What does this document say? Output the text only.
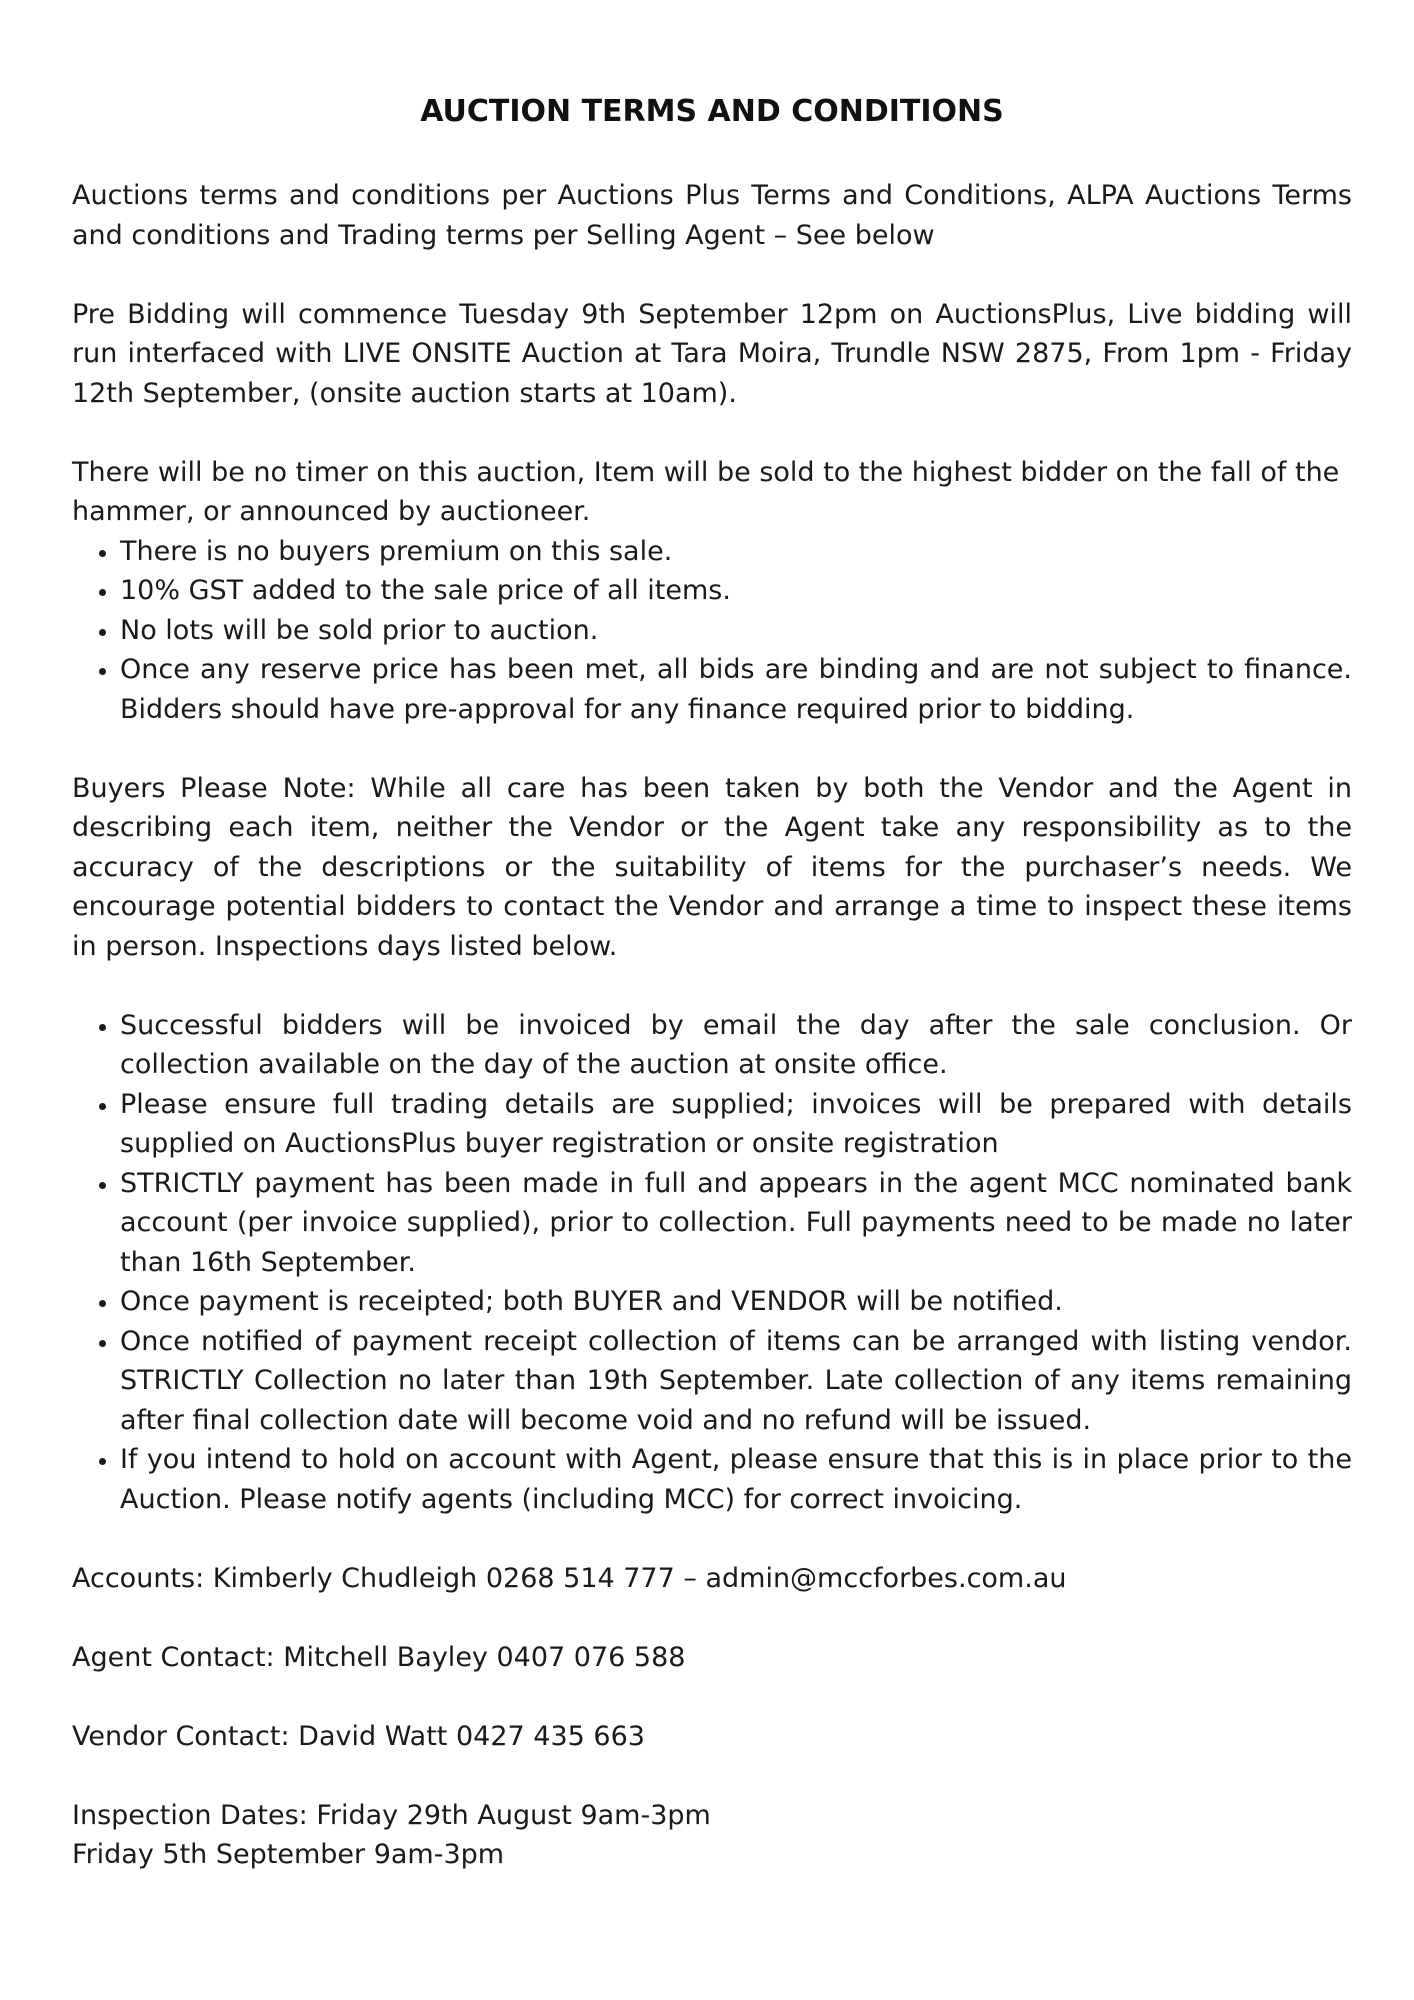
AUCTION TERMS AND CONDITIONS

Auctions terms and conditions per Auctions Plus Terms and Conditions, ALPA Auctions Terms and conditions and Trading terms per Selling Agent – See below

Pre Bidding will commence Tuesday 9th September 12pm on AuctionsPlus, Live bidding will run interfaced with LIVE ONSITE Auction at Tara Moira, Trundle NSW 2875, From 1pm - Friday 12th September, (onsite auction starts at 10am).

There will be no timer on this auction, Item will be sold to the highest bidder on the fall of the hammer, or announced by auctioneer.

• There is no buyers premium on this sale.
• 10% GST added to the sale price of all items.
• No lots will be sold prior to auction.
• Once any reserve price has been met, all bids are binding and are not subject to finance. Bidders should have pre-approval for any finance required prior to bidding.

Buyers Please Note: While all care has been taken by both the Vendor and the Agent in describing each item, neither the Vendor or the Agent take any responsibility as to the accuracy of the descriptions or the suitability of items for the purchaser’s needs. We encourage potential bidders to contact the Vendor and arrange a time to inspect these items in person. Inspections days listed below.

• Successful bidders will be invoiced by email the day after the sale conclusion. Or collection available on the day of the auction at onsite office.
• Please ensure full trading details are supplied; invoices will be prepared with details supplied on AuctionsPlus buyer registration or onsite registration
• STRICTLY payment has been made in full and appears in the agent MCC nominated bank account (per invoice supplied), prior to collection. Full payments need to be made no later than 16th September.
• Once payment is receipted; both BUYER and VENDOR will be notified.
• Once notified of payment receipt collection of items can be arranged with listing vendor. STRICTLY Collection no later than 19th September. Late collection of any items remaining after final collection date will become void and no refund will be issued.
• If you intend to hold on account with Agent, please ensure that this is in place prior to the Auction. Please notify agents (including MCC) for correct invoicing.

Accounts: Kimberly Chudleigh 0268 514 777 – admin@mccforbes.com.au

Agent Contact: Mitchell Bayley 0407 076 588

Vendor Contact: David Watt 0427 435 663

Inspection Dates: Friday 29th August 9am-3pm

Friday 5th September 9am-3pm
